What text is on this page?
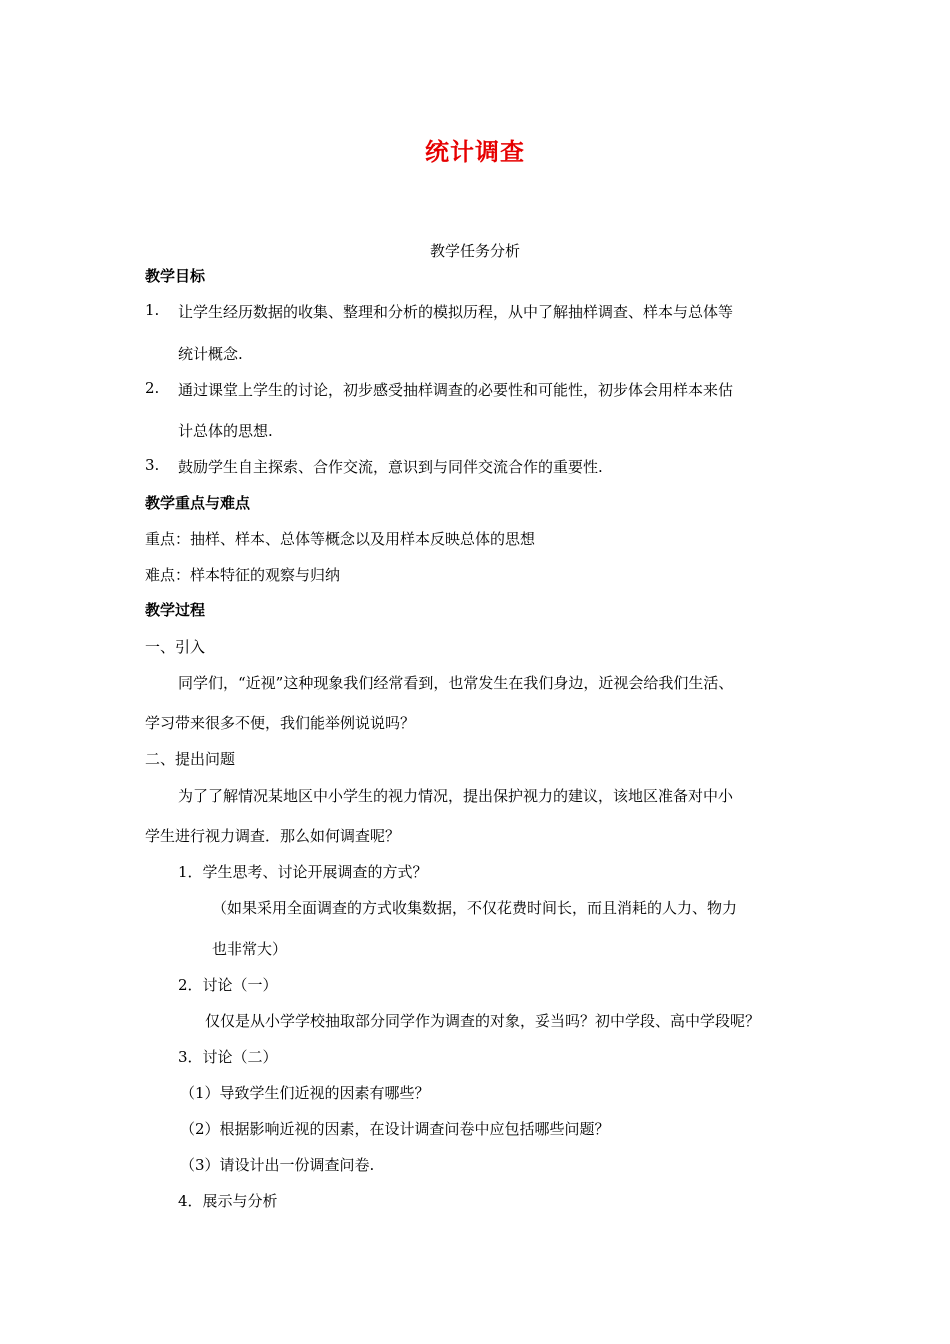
统计调查
教学任务分析
教学目标
1. 让学生经历数据的收集、整理和分析的模拟历程，从中了解抽样调查、样本与总体等
统计概念.
2. 通过课堂上学生的讨论，初步感受抽样调查的必要性和可能性，初步体会用样本来估
计总体的思想.
3. 鼓励学生自主探索、合作交流，意识到与同伴交流合作的重要性.
教学重点与难点
重点：抽样、样本、总体等概念以及用样本反映总体的思想
难点：样本特征的观察与归纳
教学过程
一、引入
同学们，“近视”这种现象我们经常看到，也常发生在我们身边，近视会给我们生活、
学习带来很多不便，我们能举例说说吗？
二、提出问题
为了了解情况某地区中小学生的视力情况，提出保护视力的建议，该地区准备对中小
学生进行视力调查．那么如何调查呢？
1．学生思考、讨论开展调查的方式？
（如果采用全面调查的方式收集数据，不仅花费时间长，而且消耗的人力、物力
也非常大）
2．讨论（一）
仅仅是从小学学校抽取部分同学作为调查的对象，妥当吗？初中学段、高中学段呢？
3．讨论（二）
（1）导致学生们近视的因素有哪些？
（2）根据影响近视的因素，在设计调查问卷中应包括哪些问题？
（3）请设计出一份调查问卷.
4．展示与分析
